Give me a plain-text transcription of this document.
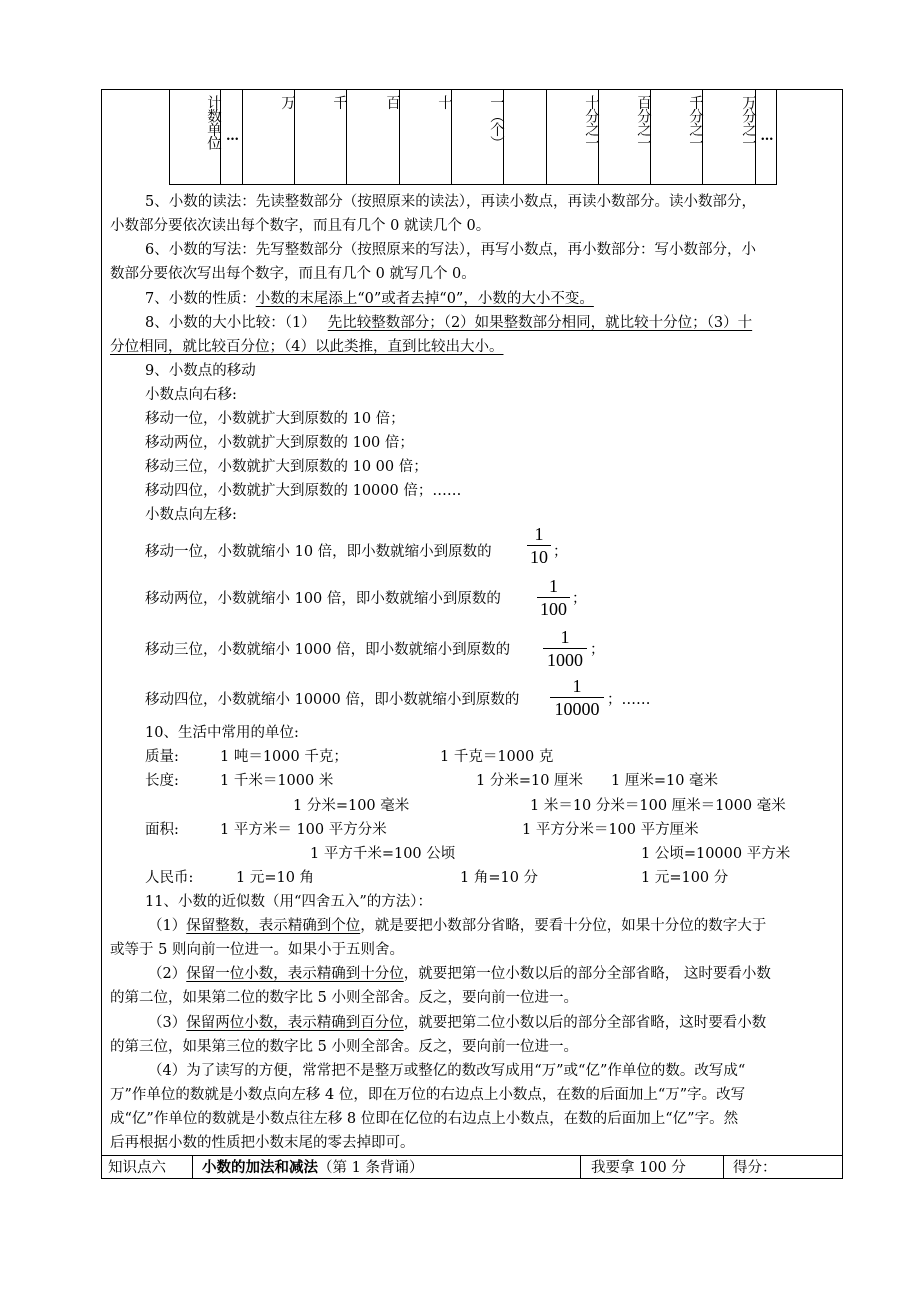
计数单位 …
万	千	百	十	一（个）	十分之一	百分之一	千分之一	万分之一 …
5、小数的读法：先读整数部分（按照原来的读法），再读小数点，再读小数部分。读小数部分，
小数部分要依次读出每个数字，而且有几个 0 就读几个 0。
6、小数的写法：先写整数部分（按照原来的写法），再写小数点，再小数部分：写小数部分，小
数部分要依次写出每个数字，而且有几个 0 就写几个 0。
7、小数的性质：小数的末尾添上“0”或者去掉“0”，小数的大小不变。
8、小数的大小比较：（1） 先比较整数部分；（2）如果整数部分相同，就比较十分位；（3）十
分位相同，就比较百分位；（4）以此类推，直到比较出大小。
9、小数点的移动
小数点向右移:
移动一位，小数就扩大到原数的 10 倍；
移动两位，小数就扩大到原数的 100 倍；
移动三位，小数就扩大到原数的 10 00 倍；
移动四位，小数就扩大到原数的 10000 倍；……
小数点向左移:
移动一位，小数就缩小 10 倍，即小数就缩小到原数的
1
10 ；
移动两位，小数就缩小 100 倍，即小数就缩小到原数的
1
100 ；
移动三位，小数就缩小 1000 倍，即小数就缩小到原数的
1
1000 ；
移动四位，小数就缩小 10000 倍，即小数就缩小到原数的
1
10000 ；……
10、生活中常用的单位:
质量:	1 吨＝1000 千克；	1 千克＝1000 克
长度:	1 千米＝1000 米	1 分米=10 厘米 1 厘米=10 毫米
1 分米=100 毫米	1 米＝10 分米＝100 厘米＝1000 毫米
面积:	1 平方米＝ 100 平方分米	1 平方分米＝100 平方厘米
1 平方千米=100 公顷	1 公顷=10000 平方米
人民币:	1 元=10 角	1 角=10 分	1 元=100 分
11、小数的近似数（用“四舍五入”的方法）：
（1）保留整数，表示精确到个位，就是要把小数部分省略，要看十分位，如果十分位的数字大于
或等于 5 则向前一位进一。如果小于五则舍。
（2）保留一位小数，表示精确到十分位，就要把第一位小数以后的部分全部省略， 这时要看小数
的第二位，如果第二位的数字比 5 小则全部舍。反之，要向前一位进一。
（3）保留两位小数，表示精确到百分位，就要把第二位小数以后的部分全部省略，这时要看小数
的第三位，如果第三位的数字比 5 小则全部舍。反之，要向前一位进一。
（4）为了读写的方便，常常把不是整万或整亿的数改写成用“万”或“亿”作单位的数。改写成“
万”作单位的数就是小数点向左移 4 位，即在万位的右边点上小数点，在数的后面加上“万”字。改写
成“亿”作单位的数就是小数点往左移 8 位即在亿位的右边点上小数点，在数的后面加上“亿”字。然
后再根据小数的性质把小数末尾的零去掉即可。
知识点六 小数的加法和减法（第 1 条背诵）	我要拿 100 分	得分：
